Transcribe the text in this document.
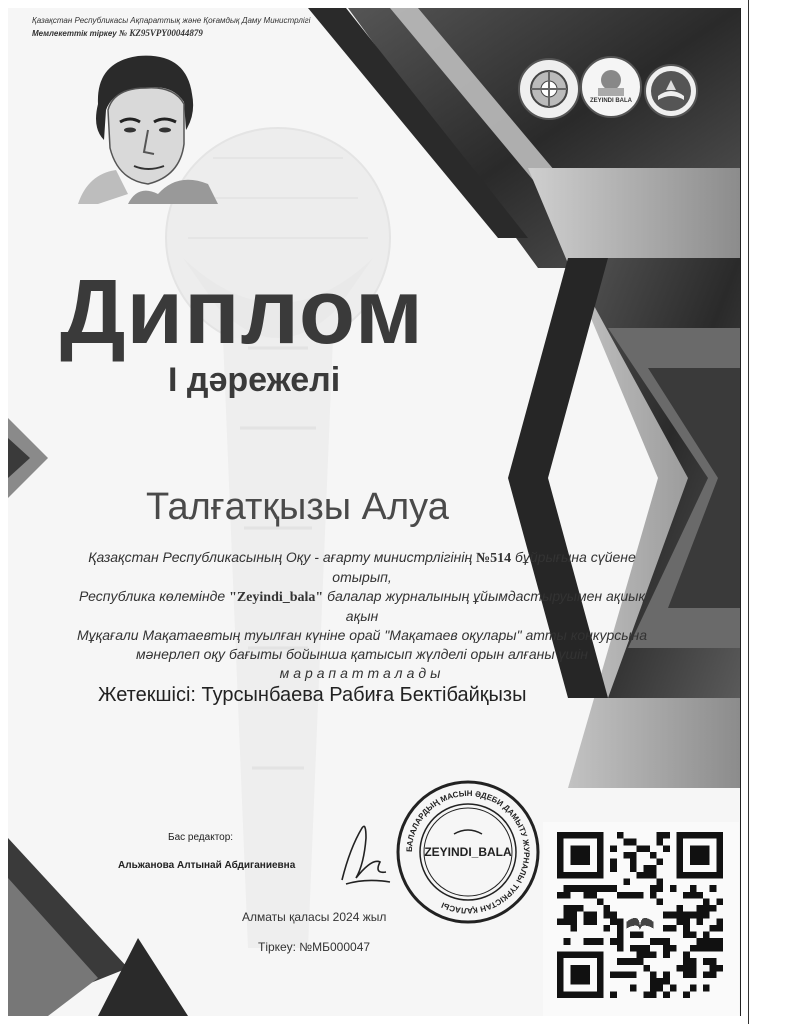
Қазақстан Республикасы Ақпараттық және Қоғамдық Даму Министрлігі
Мемлекеттік тіркеу № KZ95VPY00044879
ZEYINDI BALA
Диплом
І дәрежелі
Талғатқызы Алуа
Қазақстан Республикасының Оқу - ағарту министрлігінің №514 бұйрығына сүйене отырып,
Республика көлемінде "Zeyindi_bala" балалар журналының ұйымдастыруымен ақиық ақын
Мұқағали Мақатаевтың туылған күніне орай "Мақатаев оқулары" атты конкурсына
мәнерлеп оқу бағыты бойынша қатысып жүлделі орын алғаны үшін
марапатталады
Жетекшісі: Турсынбаева Рабиға Бектібайқызы
Бас редактор:
Альжанова Алтынай Абдиганиевна
БАЛАЛАРДЫҢ МАСЫН ӘДЕБИ ДАМЫТУ ЖУРНАЛЫ ТҮРКІСТАН ҚАЛАСЫ
ZEYINDI_BALA
Алматы қаласы 2024 жыл
Тіркеу: №МБ000047
